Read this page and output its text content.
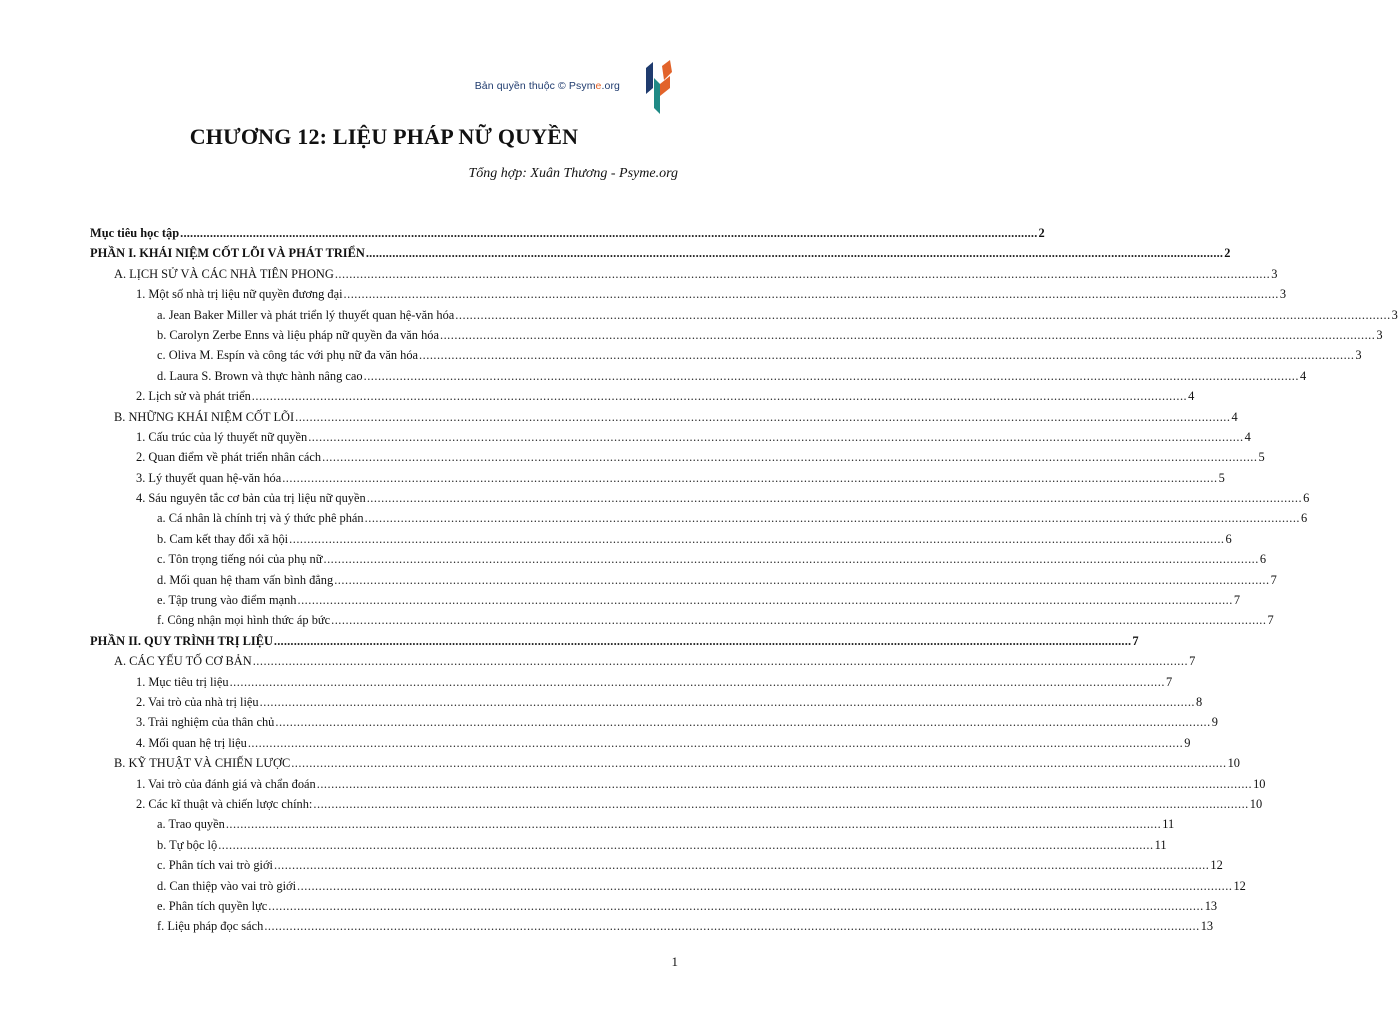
Bản quyền thuộc © Psyme.org
CHƯƠNG 12: LIỆU PHÁP NỮ QUYỀN
Tổng hợp: Xuân Thương - Psyme.org
Mục tiêu học tập .................................................................................................................................................................................................................................................................... 2
PHẦN I. KHÁI NIỆM CỐT LÕI VÀ PHÁT TRIỂN .................................................................................................................................................................................................................................................................... 2
A. LỊCH SỬ VÀ CÁC NHÀ TIÊN PHONG .................................................................................................................................................................................................................................................................... 3
1. Một số nhà trị liệu nữ quyền đương đại .................................................................................................................................................................................................................................................................... 3
a. Jean Baker Miller và phát triển lý thuyết quan hệ-văn hóa .................................................................................................................................................................................................................................................................... 3
b. Carolyn Zerbe Enns và liệu pháp nữ quyền đa văn hóa .................................................................................................................................................................................................................................................................... 3
c. Oliva M. Espín và công tác với phụ nữ đa văn hóa .................................................................................................................................................................................................................................................................... 3
d. Laura S. Brown và thực hành nâng cao .................................................................................................................................................................................................................................................................... 4
2. Lịch sử và phát triển .................................................................................................................................................................................................................................................................... 4
B. NHỮNG KHÁI NIỆM CỐT LÕI .................................................................................................................................................................................................................................................................... 4
1. Cấu trúc của lý thuyết nữ quyền .................................................................................................................................................................................................................................................................... 4
2. Quan điểm về phát triển nhân cách .................................................................................................................................................................................................................................................................... 5
3. Lý thuyết quan hệ-văn hóa .................................................................................................................................................................................................................................................................... 5
4. Sáu nguyên tắc cơ bản của trị liệu nữ quyền .................................................................................................................................................................................................................................................................... 6
a. Cá nhân là chính trị và ý thức phê phán .................................................................................................................................................................................................................................................................... 6
b. Cam kết thay đổi xã hội .................................................................................................................................................................................................................................................................... 6
c. Tôn trọng tiếng nói của phụ nữ .................................................................................................................................................................................................................................................................... 6
d. Mối quan hệ tham vấn bình đẳng .................................................................................................................................................................................................................................................................... 7
e. Tập trung vào điểm mạnh .................................................................................................................................................................................................................................................................... 7
f. Công nhận mọi hình thức áp bức .................................................................................................................................................................................................................................................................... 7
PHẦN II. QUY TRÌNH TRỊ LIỆU .................................................................................................................................................................................................................................................................... 7
A. CÁC YẾU TỐ CƠ BẢN .................................................................................................................................................................................................................................................................... 7
1. Mục tiêu trị liệu .................................................................................................................................................................................................................................................................... 7
2. Vai trò của nhà trị liệu .................................................................................................................................................................................................................................................................... 8
3. Trải nghiệm của thân chủ .................................................................................................................................................................................................................................................................... 9
4. Mối quan hệ trị liệu .................................................................................................................................................................................................................................................................... 9
B. KỸ THUẬT VÀ CHIẾN LƯỢC .................................................................................................................................................................................................................................................................... 10
1. Vai trò của đánh giá và chẩn đoán .................................................................................................................................................................................................................................................................... 10
2. Các kĩ thuật và chiến lược chính: .................................................................................................................................................................................................................................................................... 10
a. Trao quyền .................................................................................................................................................................................................................................................................... 11
b. Tự bộc lộ .................................................................................................................................................................................................................................................................... 11
c. Phân tích vai trò giới .................................................................................................................................................................................................................................................................... 12
d. Can thiệp vào vai trò giới .................................................................................................................................................................................................................................................................... 12
e. Phân tích quyền lực .................................................................................................................................................................................................................................................................... 13
f. Liệu pháp đọc sách .................................................................................................................................................................................................................................................................... 13
1
